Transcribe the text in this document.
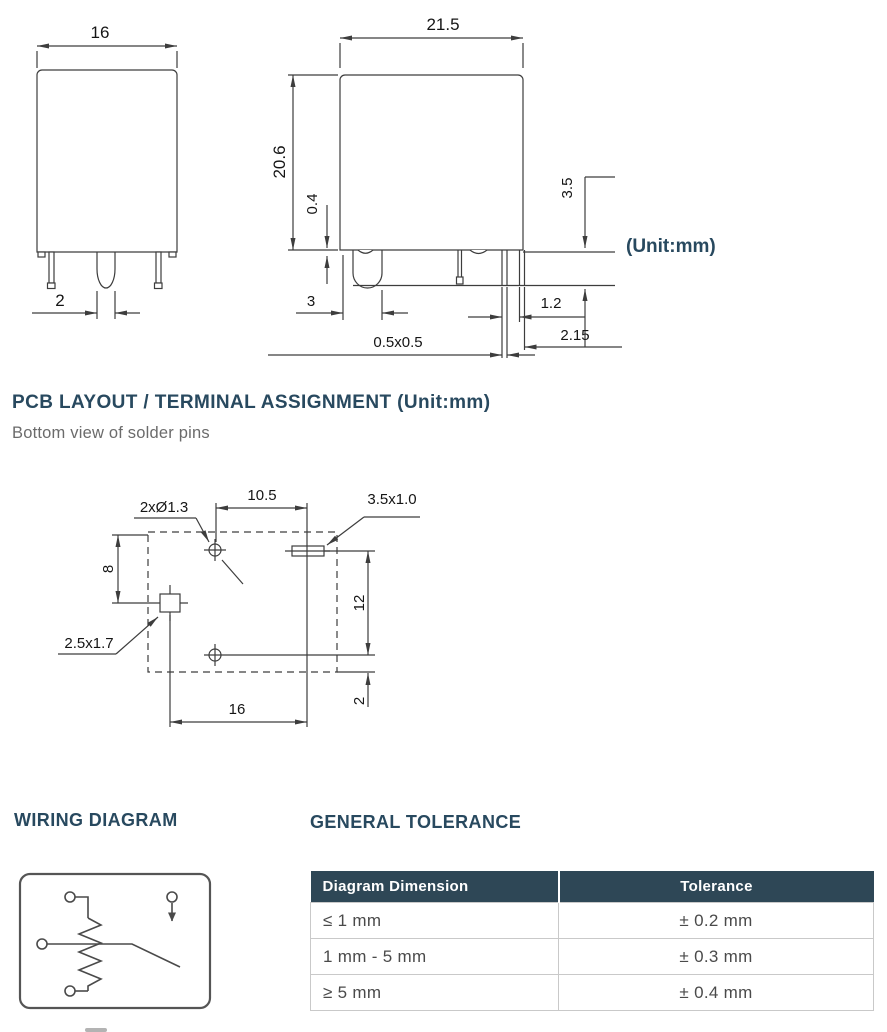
16
2
21.5
20.6
0.4
3.5
3
0.5x0.5
1.2
2.15
(Unit:mm)
PCB LAYOUT / TERMINAL ASSIGNMENT (Unit:mm)
Bottom view of solder pins
10.5
12
2
8
16
2xØ1.3	3.5x1.0
2.5x1.7
WIRING DIAGRAM	GENERAL TOLERANCE
Diagram Dimension	Tolerance
≤ 1 mm	± 0.2 mm
1 mm - 5 mm	± 0.3 mm
≥ 5 mm	± 0.4 mm
